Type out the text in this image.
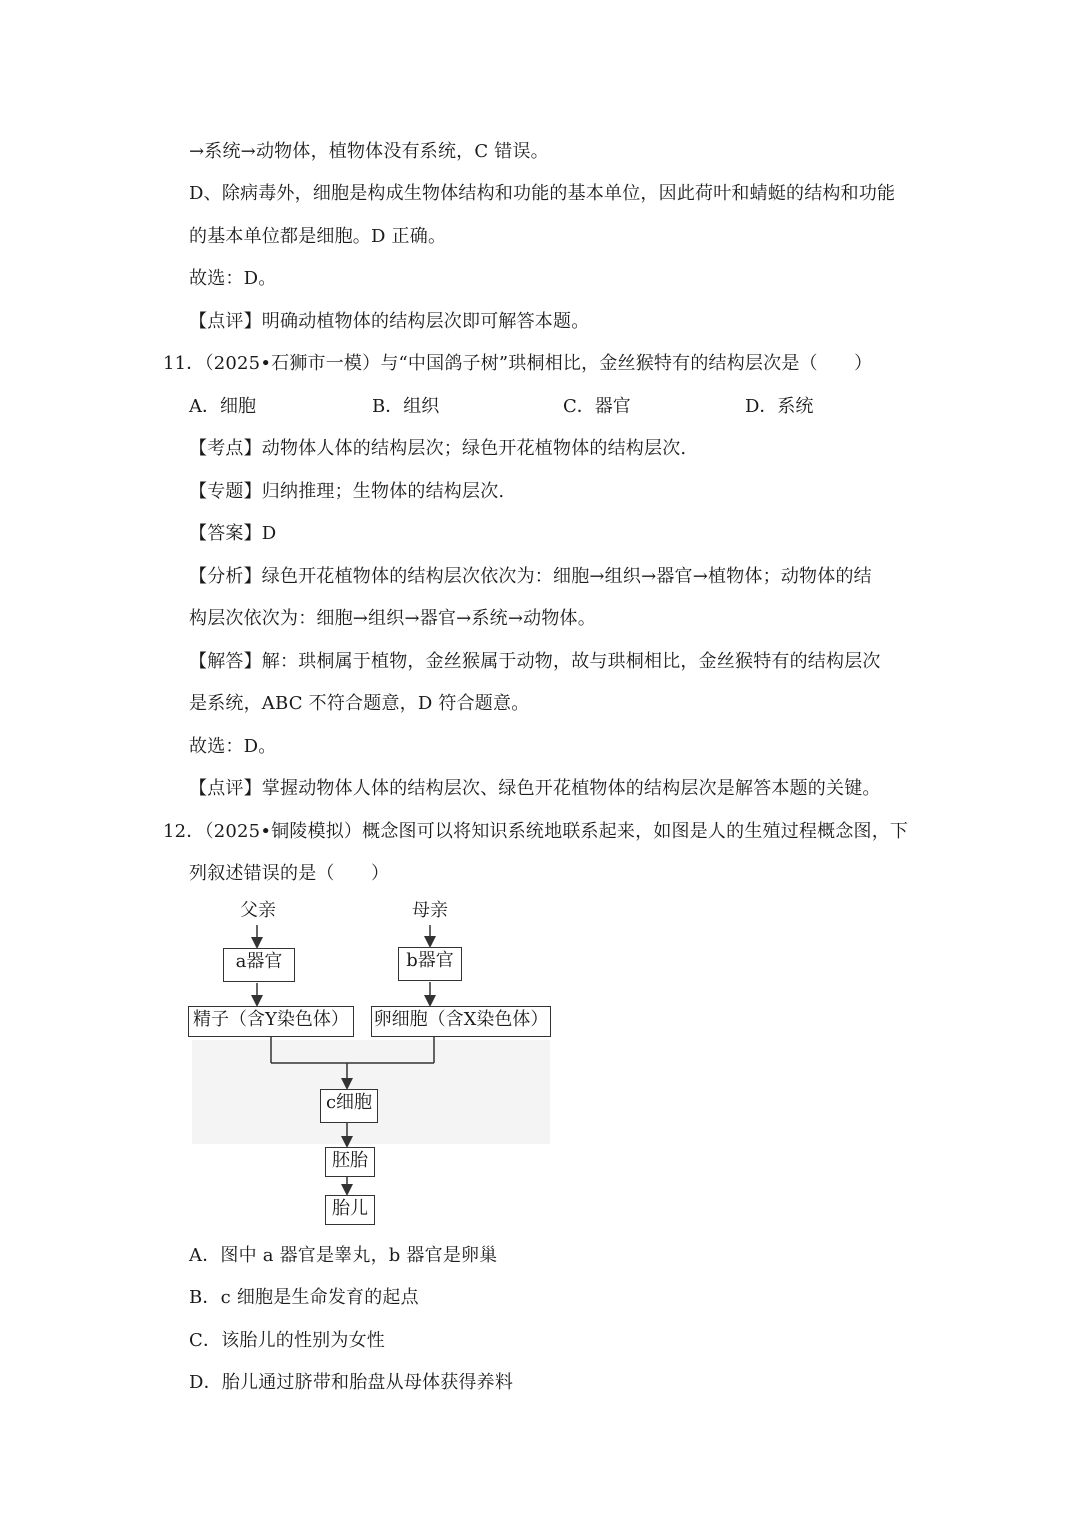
→系统→动物体，植物体没有系统，C 错误。
D、除病毒外，细胞是构成生物体结构和功能的基本单位，因此荷叶和蜻蜓的结构和功能
的基本单位都是细胞。D 正确。
故选：D。
【点评】明确动植物体的结构层次即可解答本题。
11．（2025•石狮市一模）与“中国鸽子树”珙桐相比，金丝猴特有的结构层次是（　　）
A．细胞	B．组织	C．器官	D．系统
【考点】动物体人体的结构层次；绿色开花植物体的结构层次.
【专题】归纳推理；生物体的结构层次.
【答案】D
【分析】绿色开花植物体的结构层次依次为：细胞→组织→器官→植物体；动物体的结
构层次依次为：细胞→组织→器官→系统→动物体。
【解答】解：珙桐属于植物，金丝猴属于动物，故与珙桐相比，金丝猴特有的结构层次
是系统，ABC 不符合题意，D 符合题意。
故选：D。
【点评】掌握动物体人体的结构层次、绿色开花植物体的结构层次是解答本题的关键。
12．（2025•铜陵模拟）概念图可以将知识系统地联系起来，如图是人的生殖过程概念图，下
列叙述错误的是（　　）
父亲	母亲
a器官	b器官
精子（含Y染色体） 卵细胞（含X染色体）
c细胞
胚胎
胎儿
A．图中 a 器官是睾丸，b 器官是卵巢
B．c 细胞是生命发育的起点
C．该胎儿的性别为女性
D．胎儿通过脐带和胎盘从母体获得养料
